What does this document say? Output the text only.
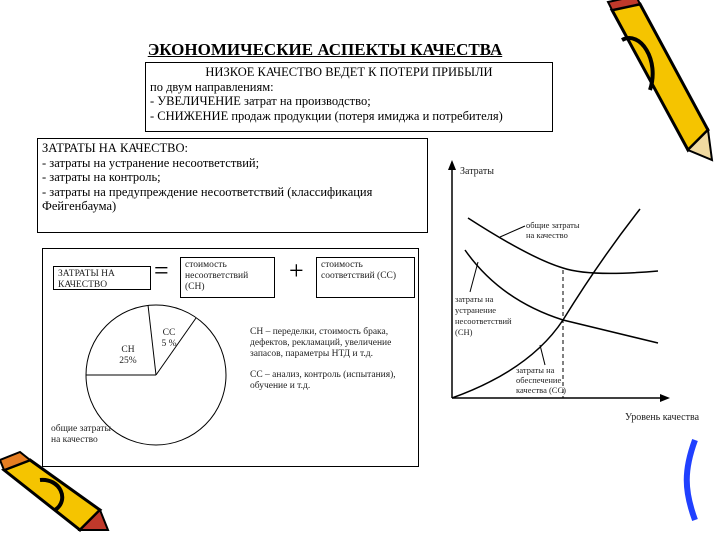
ЭКОНОМИЧЕСКИЕ АСПЕКТЫ КАЧЕСТВА
НИЗКОЕ КАЧЕСТВО ВЕДЕТ К ПОТЕРИ ПРИБЫЛИ
по двум направлениям:
- УВЕЛИЧЕНИЕ затрат на производство;
- СНИЖЕНИЕ продаж продукции (потеря имиджа и потребителя)
ЗАТРАТЫ НА КАЧЕСТВО:
- затраты на устранение несоответствий;
- затраты на контроль;
- затраты на предупреждение несоответствий (классификация Фейгенбаума)
ЗАТРАТЫ НА КАЧЕСТВО	=	стоимость несоответствий (СН)
+	стоимость соответствий (СС)
СН
25%
СС
5 %
общие затраты на качество
СН – переделки, стоимость брака, дефектов, рекламаций, увеличение запасов, параметры НТД и т.д.
СС – анализ, контроль (испытания), обучение и т.д.
Затраты
Уровень качества
общие затраты на качество
затраты на устранение несоответствий (СН)
затраты на обеспечение качества (СС)
